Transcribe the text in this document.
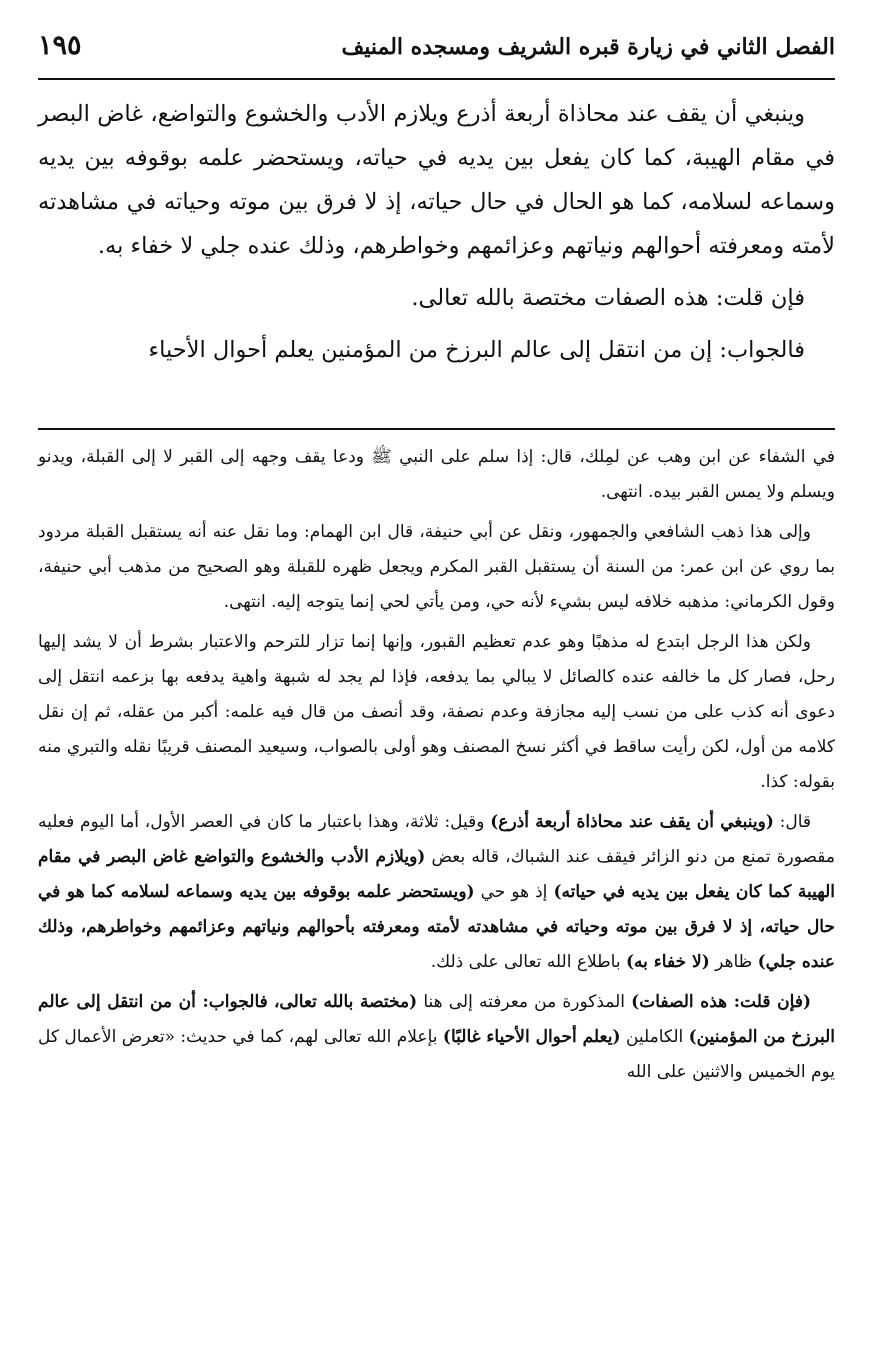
الفصل الثاني في زيارة قبره الشريف ومسجده المنيف
١٩٥

وينبغي أن يقف عند محاذاة أربعة أذرع ويلازم الأدب والخشوع والتواضع، غاض البصر في مقام الهيبة، كما كان يفعل بين يديه في حياته، ويستحضر علمه بوقوفه بين يديه وسماعه لسلامه، كما هو الحال في حال حياته، إذ لا فرق بين موته وحياته في مشاهدته لأمته ومعرفته أحوالهم ونياتهم وعزائمهم وخواطرهم، وذلك عنده جلي لا خفاء به.

فإن قلت: هذه الصفات مختصة بالله تعالى.

فالجواب: إن من انتقل إلى عالم البرزخ من المؤمنين يعلم أحوال الأحياء

في الشفاء عن ابن وهب عن لمِلك، قال: إذا سلم على النبي ﷺ ودعا يقف وجهه إلى القبر لا إلى القبلة، ويدنو ويسلم ولا يمس القبر بيده. انتهى.

وإلى هذا ذهب الشافعي والجمهور، ونقل عن أبي حنيفة، قال ابن الهمام: وما نقل عنه أنه يستقبل القبلة مردود بما روي عن ابن عمر: من السنة أن يستقبل القبر المكرم ويجعل ظهره للقبلة وهو الصحيح من مذهب أبي حنيفة، وقول الكرماني: مذهبه خلافه ليس بشيء لأنه حي، ومن يأتي لحي إنما يتوجه إليه. انتهى.

ولكن هذا الرجل ابتدع له مذهبًا وهو عدم تعظيم القبور، وإنها إنما تزار للترحم والاعتبار بشرط أن لا يشد إليها رحل، فصار كل ما خالفه عنده كالصائل لا يبالي بما يدفعه، فإذا لم يجد له شبهة واهية يدفعه بها بزعمه انتقل إلى دعوى أنه كذب على من نسب إليه مجازفة وعدم نصفة، وقد أنصف من قال فيه علمه: أكبر من عقله، ثم إن نقل كلامه من أول، لكن رأيت ساقط في أكثر نسخ المصنف وهو أولى بالصواب، وسيعيد المصنف قريبًا نقله والتبري منه بقوله: كذا.

قال: (وينبغي أن يقف عند محاذاة أربعة أذرع) وقيل: ثلاثة، وهذا باعتبار ما كان في العصر الأول، أما اليوم فعليه مقصورة تمنع من دنو الزائر فيقف عند الشباك، قاله بعض (ويلازم الأدب والخشوع والتواضع غاض البصر في مقام الهيبة كما كان يفعل بين يديه في حياته) إذ هو حي (ويستحضر علمه بوقوفه بين يديه وسماعه لسلامه كما هو في حال حياته، إذ لا فرق بين موته وحياته في مشاهدته لأمته ومعرفته بأحوالهم ونياتهم وعزائمهم وخواطرهم، وذلك عنده جلي) ظاهر (لا خفاء به) باطلاع الله تعالى على ذلك.

(فإن قلت: هذه الصفات) المذكورة من معرفته إلى هنا (مختصة بالله تعالى، فالجواب: أن من انتقل إلى عالم البرزخ من المؤمنين) الكاملين (يعلم أحوال الأحياء غالبًا) بإعلام الله تعالى لهم، كما في حديث: «تعرض الأعمال كل يوم الخميس والاثنين على الله
